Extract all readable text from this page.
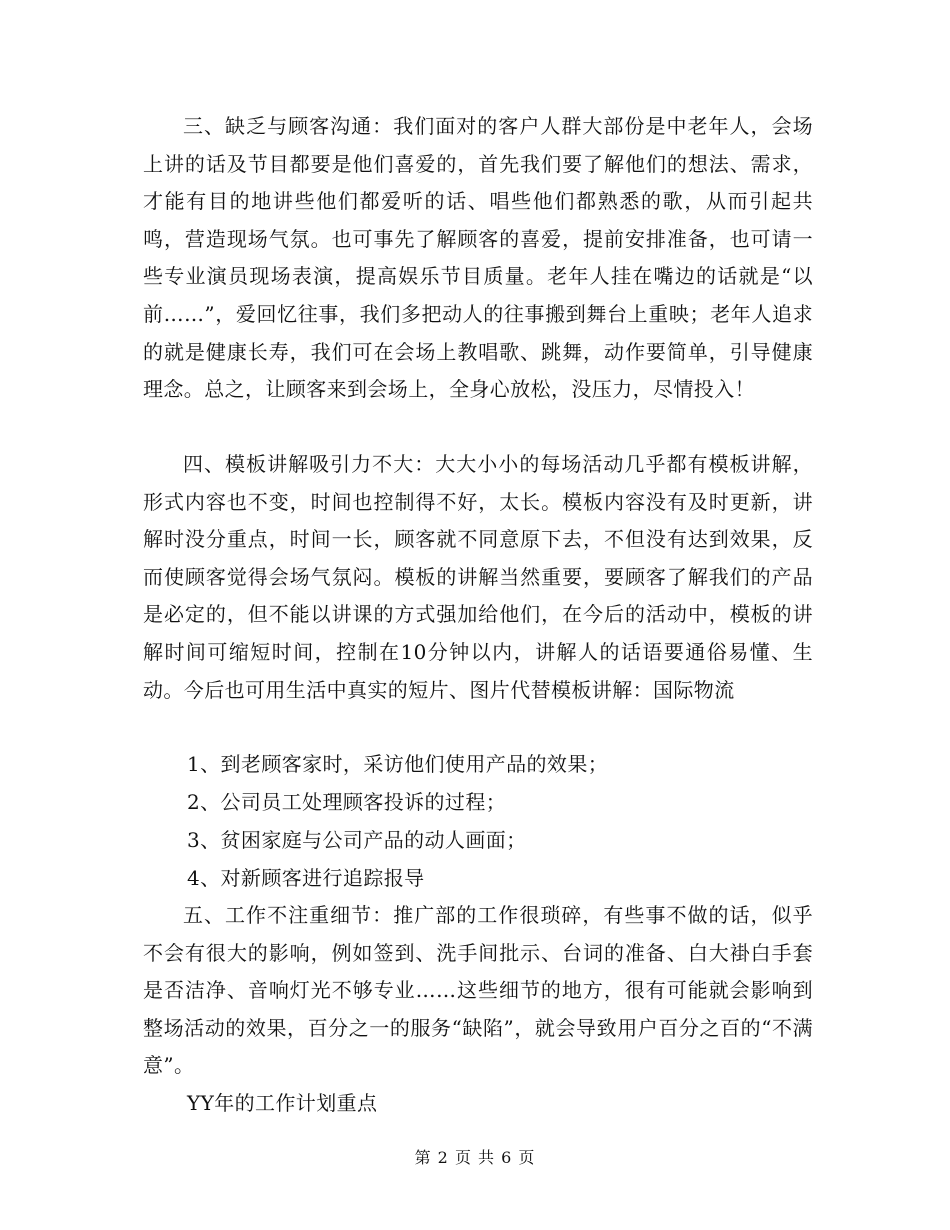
三、缺乏与顾客沟通：我们面对的客户人群大部份是中老年人，会场上讲的话及节目都要是他们喜爱的，首先我们要了解他们的想法、需求，才能有目的地讲些他们都爱听的话、唱些他们都熟悉的歌，从而引起共鸣，营造现场气氛。也可事先了解顾客的喜爱，提前安排准备，也可请一些专业演员现场表演，提高娱乐节目质量。老年人挂在嘴边的话就是“以前……”，爱回忆往事，我们多把动人的往事搬到舞台上重映；老年人追求的就是健康长寿，我们可在会场上教唱歌、跳舞，动作要简单，引导健康理念。总之，让顾客来到会场上，全身心放松，没压力，尽情投入！

四、模板讲解吸引力不大：大大小小的每场活动几乎都有模板讲解，形式内容也不变，时间也控制得不好，太长。模板内容没有及时更新，讲解时没分重点，时间一长，顾客就不同意原下去，不但没有达到效果，反而使顾客觉得会场气氛闷。模板的讲解当然重要，要顾客了解我们的产品是必定的，但不能以讲课的方式强加给他们，在今后的活动中，模板的讲解时间可缩短时间，控制在10分钟以内，讲解人的话语要通俗易懂、生动。今后也可用生活中真实的短片、图片代替模板讲解：国际物流

1、到老顾客家时，采访他们使用产品的效果；

2、公司员工处理顾客投诉的过程；

3、贫困家庭与公司产品的动人画面；

4、对新顾客进行追踪报导

五、工作不注重细节：推广部的工作很琐碎，有些事不做的话，似乎不会有很大的影响，例如签到、洗手间批示、台词的准备、白大褂白手套是否洁净、音响灯光不够专业……这些细节的地方，很有可能就会影响到整场活动的效果，百分之一的服务“缺陷”，就会导致用户百分之百的“不满意”。

YY年的工作计划重点

第 2 页 共 6 页
